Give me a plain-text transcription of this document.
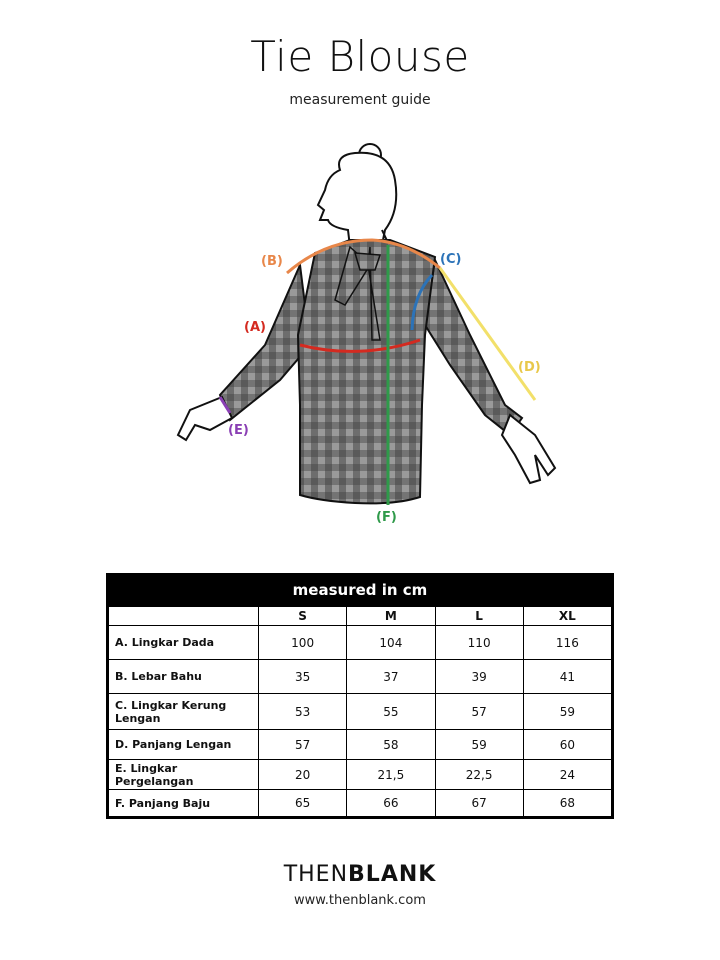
Tie Blouse
measurement guide
(B)	(C)
(A)
(D)
(E)
(F)
measured in cm
	S	M	L	XL
A. Lingkar Dada	100	104	110	116
B. Lebar Bahu	35	37	39	41
C. Lingkar Kerung Lengan	53	55	57	59
D. Panjang Lengan	57	58	59	60
E. Lingkar Pergelangan	20	21,5	22,5	24
F. Panjang Baju	65	66	67	68
THENBLANK
www.thenblank.com
